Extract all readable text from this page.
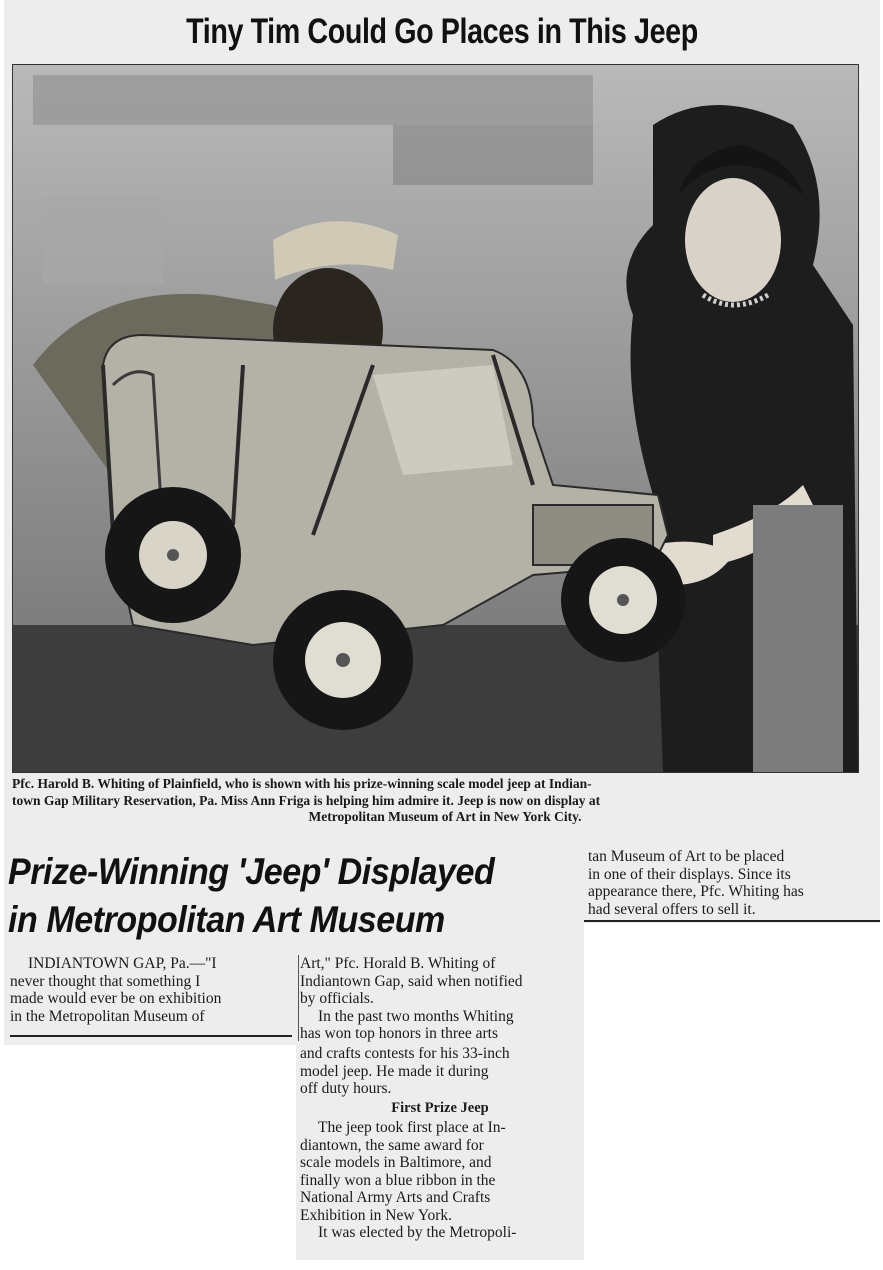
Tiny Tim Could Go Places in This Jeep
Pfc. Harold B. Whiting of Plainfield, who is shown with his prize-winning scale model jeep at Indian-
town Gap Military Reservation, Pa. Miss Ann Friga is helping him admire it. Jeep is now on display at
Metropolitan Museum of Art in New York City.
Prize-Winning 'Jeep' Displayed
in Metropolitan Art Museum
INDIANTOWN GAP, Pa.—"I
never thought that something I
made would ever be on exhibition
in the Metropolitan Museum of
Art," Pfc. Horald B. Whiting of
Indiantown Gap, said when notified
by officials.
In the past two months Whiting
has won top honors in three arts
and crafts contests for his 33-inch
model jeep. He made it during
off duty hours.
First Prize Jeep
The jeep took first place at In-
diantown, the same award for
scale models in Baltimore, and
finally won a blue ribbon in the
National Army Arts and Crafts
Exhibition in New York.
It was elected by the Metropoli-
tan Museum of Art to be placed
in one of their displays. Since its
appearance there, Pfc. Whiting has
had several offers to sell it.
